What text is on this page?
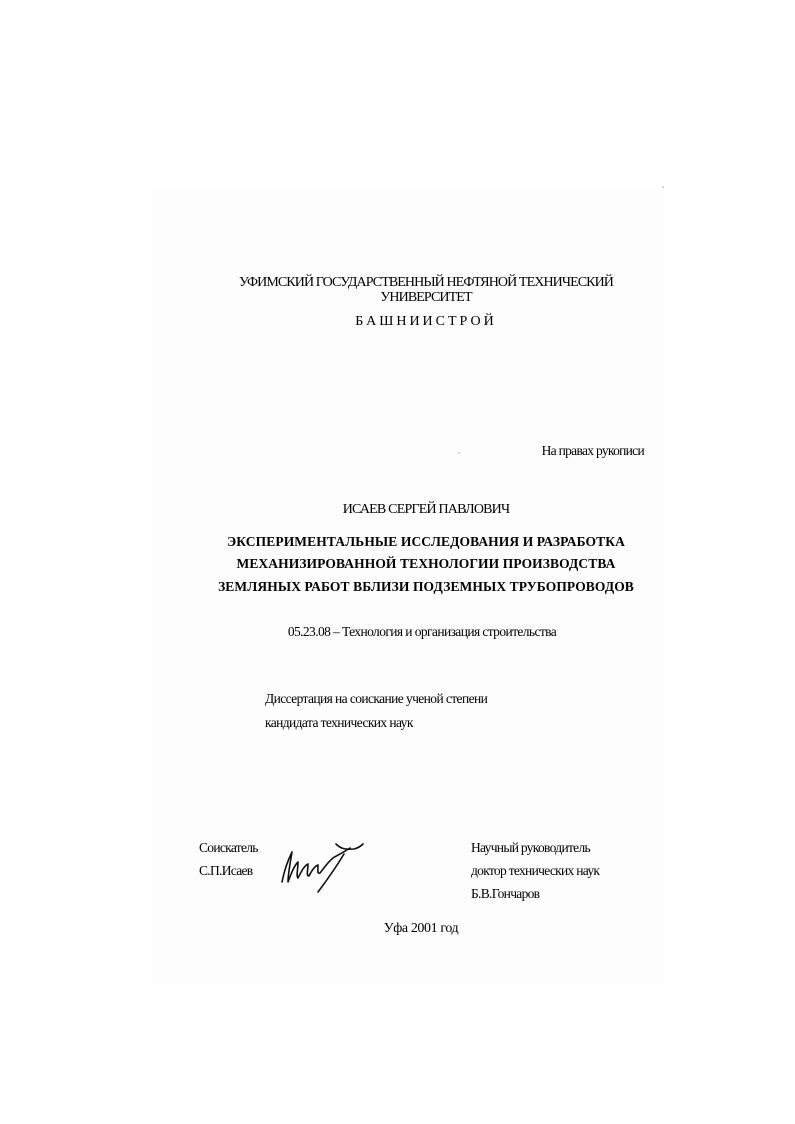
УФИМСКИЙ ГОСУДАРСТВЕННЫЙ НЕФТЯНОЙ ТЕХНИЧЕСКИЙ
УНИВЕРСИТЕТ
БАШНИИСТРОЙ
На правах рукописи
ИСАЕВ СЕРГЕЙ ПАВЛОВИЧ
ЭКСПЕРИМЕНТАЛЬНЫЕ ИССЛЕДОВАНИЯ И РАЗРАБОТКА
МЕХАНИЗИРОВАННОЙ ТЕХНОЛОГИИ ПРОИЗВОДСТВА
ЗЕМЛЯНЫХ РАБОТ ВБЛИЗИ ПОДЗЕМНЫХ ТРУБОПРОВОДОВ
05.23.08 – Технология и организация строительства
Диссертация на соискание ученой степени
кандидата технических наук
Соискатель
С.П.Исаев
Научный руководитель
доктор технических наук
Б.В.Гончаров
Уфа 2001 год
